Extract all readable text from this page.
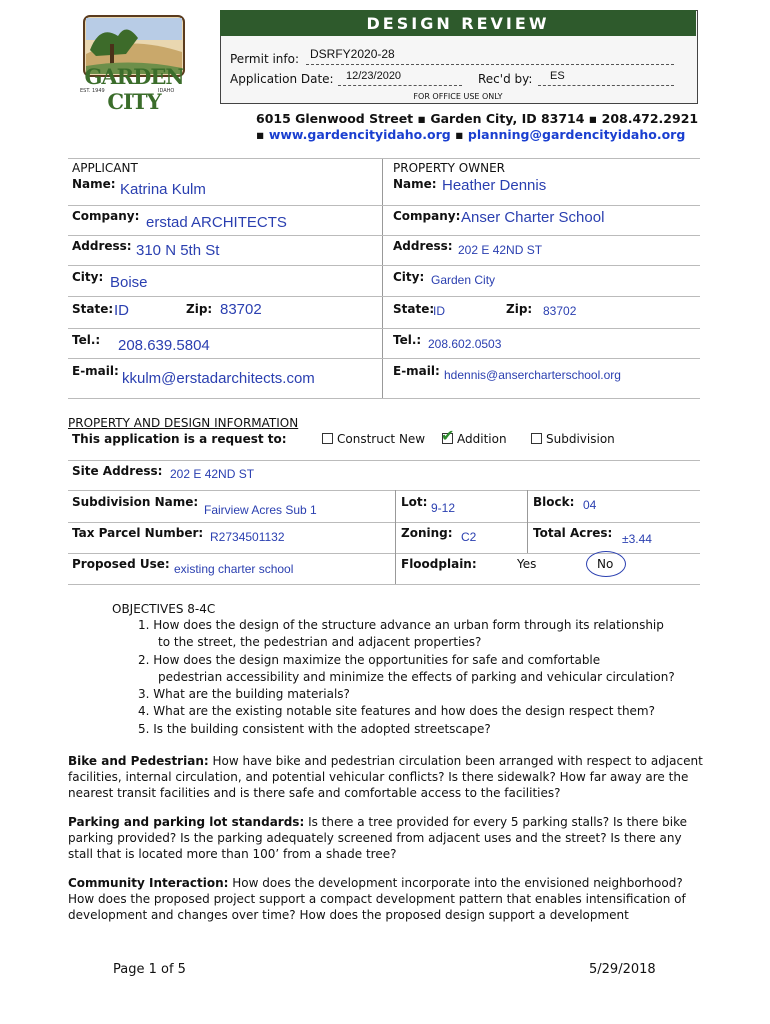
GARDEN CITY
EST. 1949	IDAHO
DESIGN REVIEW
Permit info: DSRFY2020-28
Application Date: 12/23/2020	Rec'd by: ES
FOR OFFICE USE ONLY
6015 Glenwood Street ▪ Garden City, ID 83714 ▪ 208.472.2921
▪ www.gardencityidaho.org ▪ planning@gardencityidaho.org
APPLICANT
Name: Katrina Kulm
Company: erstad ARCHITECTS
Address: 310 N 5th St
City: Boise
State: ID	Zip: 83702
Tel.: 208.639.5804
E-mail: kkulm@erstadarchitects.com
PROPERTY OWNER
Name: Heather Dennis
Company: Anser Charter School
Address: 202 E 42ND ST
City: Garden City
State:
ID	Zip: 83702
Tel.: 208.602.0503
E-mail: hdennis@ansercharterschool.org
PROPERTY AND DESIGN INFORMATION
This application is a request to:	Construct New ✔ Addition	Subdivision
Site Address: 202 E 42ND ST
Subdivision Name:
Fairview Acres Sub 1
Lot: 9-12	Block: 04
Tax Parcel Number: R2734501132	Zoning: C2	Total Acres: ±3.44
Proposed Use: existing charter school	Floodplain:	Yes	No
OBJECTIVES 8-4C
1. How does the design of the structure advance an urban form through its relationship
to the street, the pedestrian and adjacent properties?
2. How does the design maximize the opportunities for safe and comfortable
pedestrian accessibility and minimize the effects of parking and vehicular circulation?
3. What are the building materials?
4. What are the existing notable site features and how does the design respect them?
5. Is the building consistent with the adopted streetscape?
Bike and Pedestrian: How have bike and pedestrian circulation been arranged with respect to adjacent facilities, internal circulation, and potential vehicular conflicts? Is there sidewalk? How far away are the nearest transit facilities and is there safe and comfortable access to the facilities?
Parking and parking lot standards: Is there a tree provided for every 5 parking stalls? Is there bike parking provided? Is the parking adequately screened from adjacent uses and the street? Is there any stall that is located more than 100’ from a shade tree?
Community Interaction: How does the development incorporate into the envisioned neighborhood? How does the proposed project support a compact development pattern that enables intensification of development and changes over time? How does the proposed design support a development
Page 1 of 5	5/29/2018
